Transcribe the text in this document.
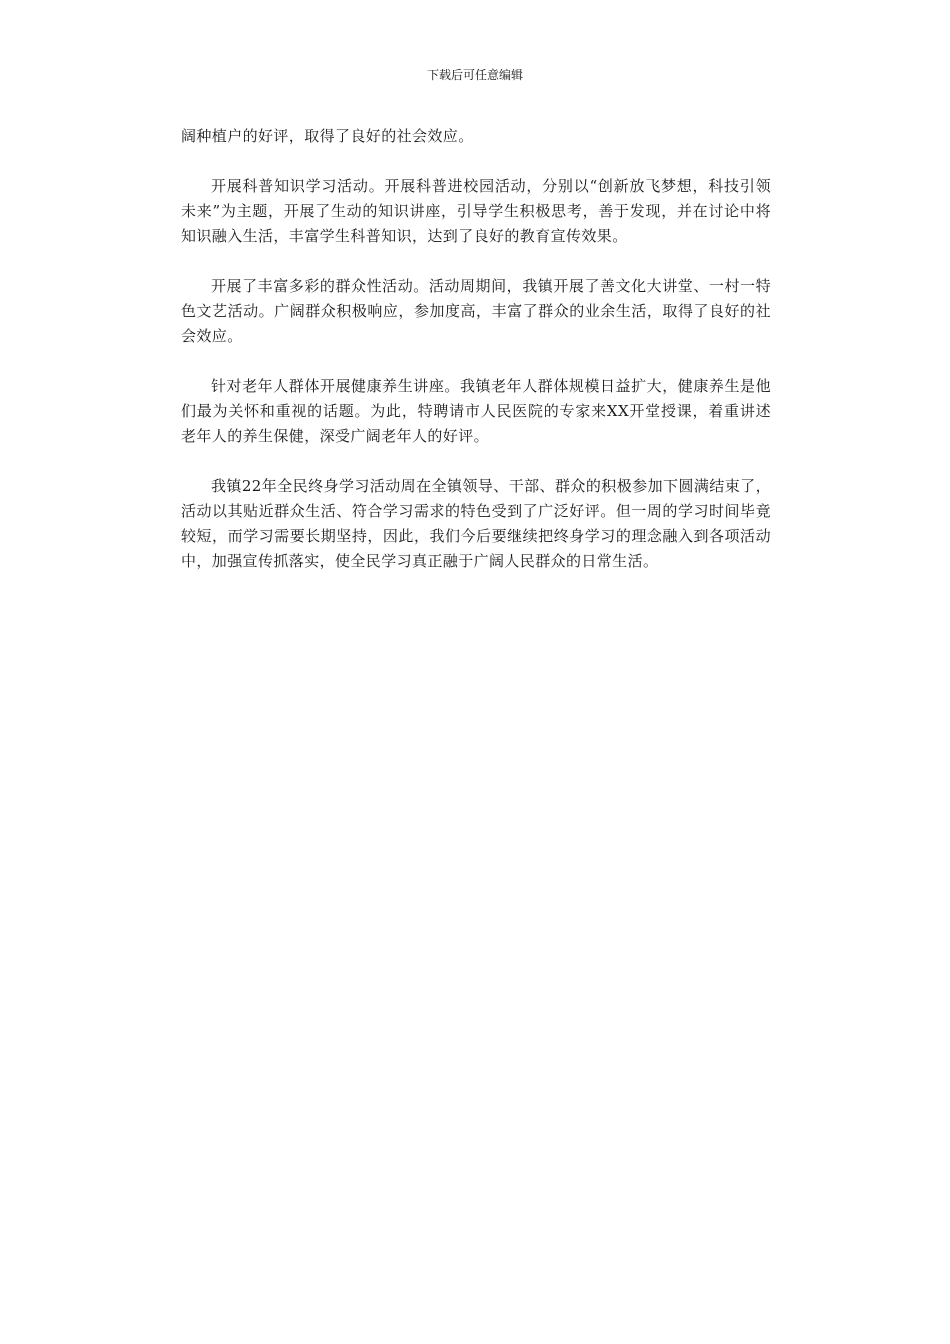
下载后可任意编辑

阔种植户的好评，取得了良好的社会效应。

开展科普知识学习活动。开展科普进校园活动，分别以“创新放飞梦想，科技引领未来”为主题，开展了生动的知识讲座，引导学生积极思考，善于发现，并在讨论中将知识融入生活，丰富学生科普知识，达到了良好的教育宣传效果。

开展了丰富多彩的群众性活动。活动周期间，我镇开展了善文化大讲堂、一村一特色文艺活动。广阔群众积极响应，参加度高，丰富了群众的业余生活，取得了良好的社会效应。

针对老年人群体开展健康养生讲座。我镇老年人群体规模日益扩大，健康养生是他们最为关怀和重视的话题。为此，特聘请市人民医院的专家来XX开堂授课，着重讲述老年人的养生保健，深受广阔老年人的好评。

我镇22年全民终身学习活动周在全镇领导、干部、群众的积极参加下圆满结束了，活动以其贴近群众生活、符合学习需求的特色受到了广泛好评。但一周的学习时间毕竟较短，而学习需要长期坚持，因此，我们今后要继续把终身学习的理念融入到各项活动中，加强宣传抓落实，使全民学习真正融于广阔人民群众的日常生活。
